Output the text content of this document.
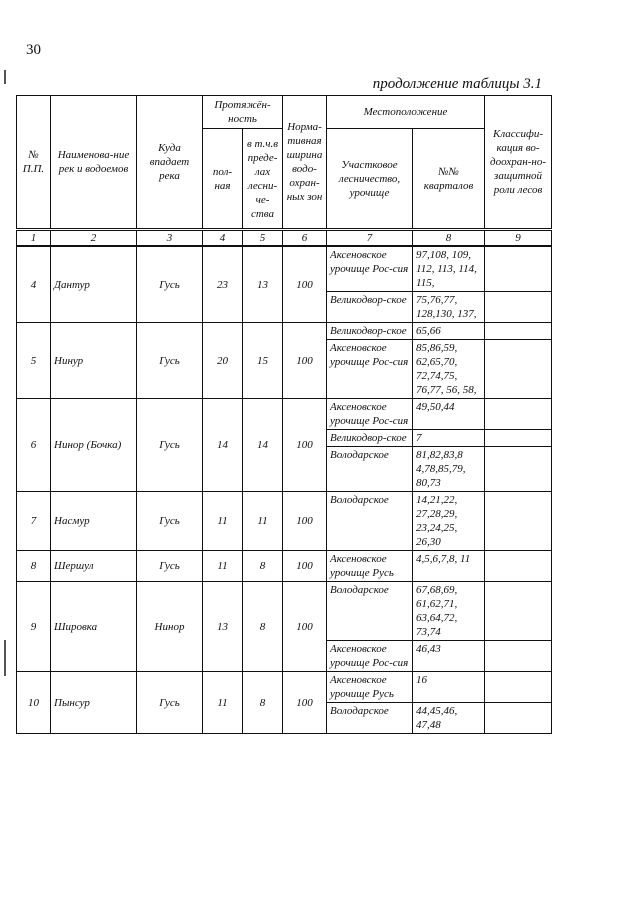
30
продолжение таблицы 3.1
№ П.П.	Наименова-ние рек и водоемов	Куда впадает река	Протяжён-ность		Норма-тивная ширина водо-охран-ных зон	Местоположение		Классифи-кация во-доохран-но-защитной роли лесов
			пол-ная	в т.ч.в преде-лах лесни-че-ства		Участковое лесничество, урочище	№№ кварталов	
1	2	3	4	5	6	7	8	9
4	Дантур	Гусь	23	13	100	Аксеновское урочище Рос-сия	97,108, 109, 112, 113, 114, 115,	
						Великодвор-ское	75,76,77, 128,130, 137,	
5	Нинур	Гусь	20	15	100	Великодвор-ское	65,66	
						Аксеновское урочище Рос-сия	85,86,59, 62,65,70, 72,74,75, 76,77, 56, 58,	
6	Нинор (Бочка)	Гусь	14	14	100	Аксеновское урочище Рос-сия	49,50,44	
						Великодвор-ское	7	
						Володарское	81,82,83,8 4,78,85,79, 80,73	
7	Насмур	Гусь	11	11	100	Володарское	14,21,22, 27,28,29, 23,24,25, 26,30	
8	Шершул	Гусь	11	8	100	Аксеновское урочище Русь	4,5,6,7,8, 11	
9	Шировка	Нинор	13	8	100	Володарское	67,68,69, 61,62,71, 63,64,72, 73,74	
						Аксеновское урочище Рос-сия	46,43	
10	Пынсур	Гусь	11	8	100	Аксеновское урочище Русь	16	
						Володарское	44,45,46, 47,48	
